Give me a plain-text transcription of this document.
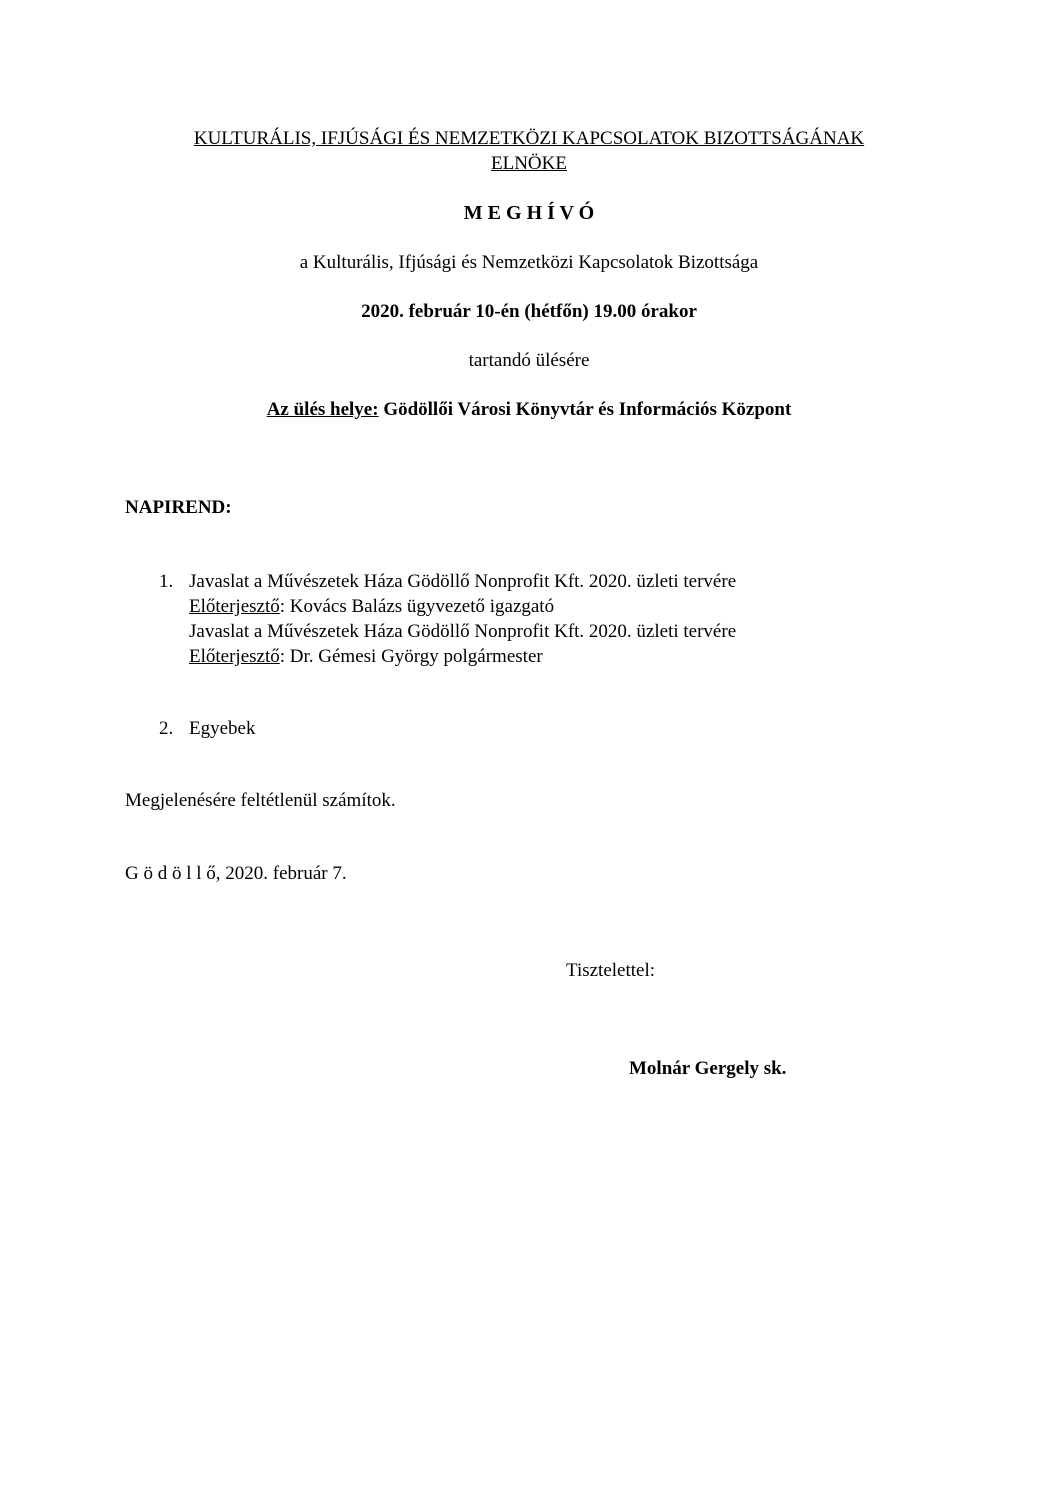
KULTURÁLIS, IFJÚSÁGI ÉS NEMZETKÖZI KAPCSOLATOK BIZOTTSÁGÁNAK
ELNÖKE
M E G H Í V Ó
a Kulturális, Ifjúsági és Nemzetközi Kapcsolatok Bizottsága
2020. február 10-én (hétfőn) 19.00 órakor
tartandó ülésére
Az ülés helye: Gödöllői Városi Könyvtár és Információs Központ
NAPIREND:
1. Javaslat a Művészetek Háza Gödöllő Nonprofit Kft. 2020. üzleti tervére
Előterjesztő: Kovács Balázs ügyvezető igazgató
Javaslat a Művészetek Háza Gödöllő Nonprofit Kft. 2020. üzleti tervére
Előterjesztő: Dr. Gémesi György polgármester
2. Egyebek
Megjelenésére feltétlenül számítok.
G ö d ö l l ő, 2020. február 7.
Tisztelettel:
Molnár Gergely sk.
